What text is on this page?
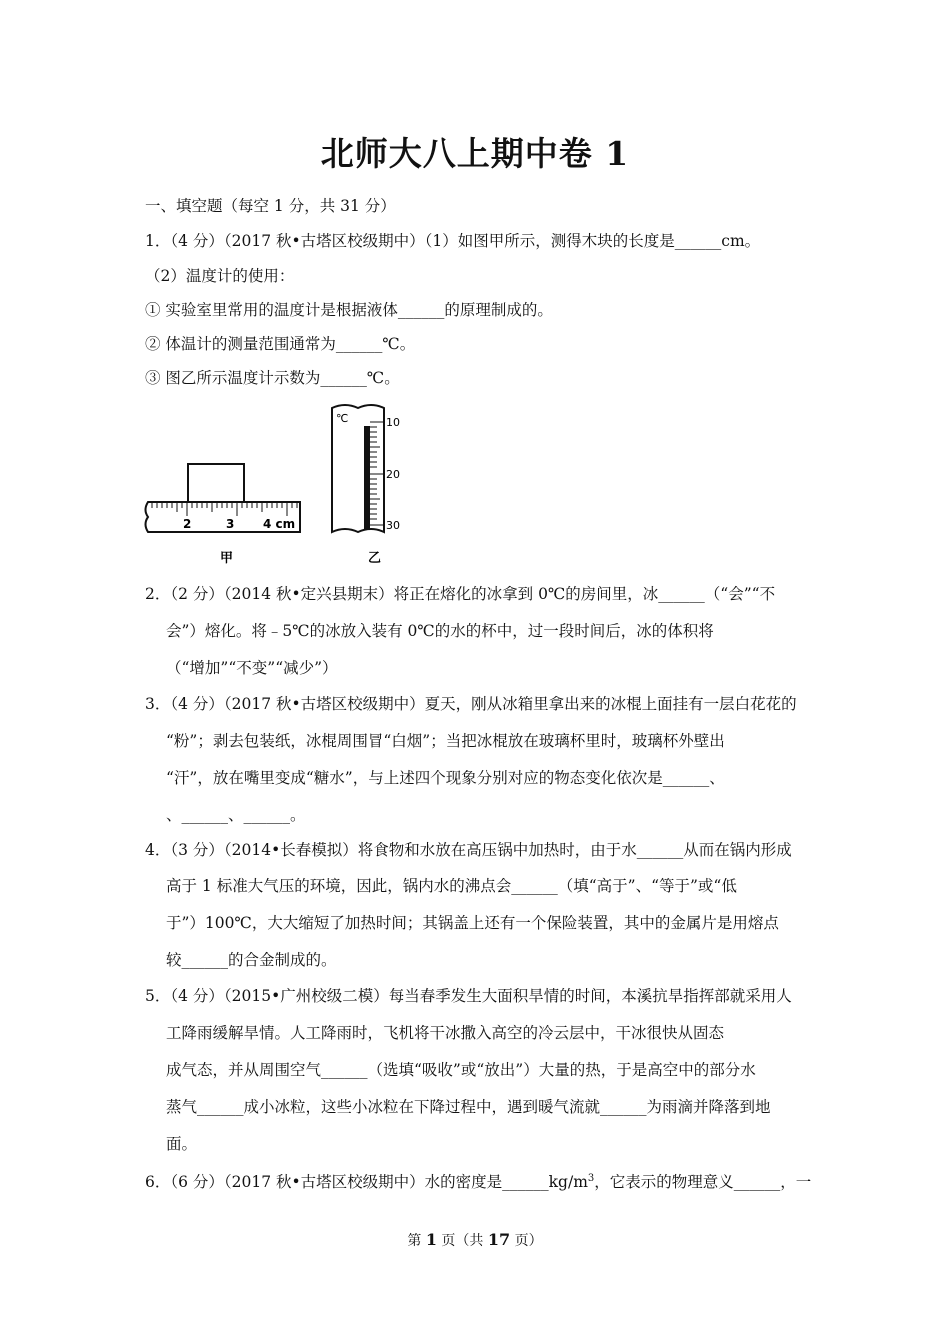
北师大八上期中卷 1
一、填空题（每空 1 分，共 31 分）
1．（4 分）（2017 秋•古塔区校级期中）（1）如图甲所示，测得木块的长度是______cm。
（2）温度计的使用：
① 实验室里常用的温度计是根据液体______的原理制成的。
② 体温计的测量范围通常为______℃。
③ 图乙所示温度计示数为______℃。
2	3 4 cm
甲
℃	10
20
30
乙
2．（2 分）（2014 秋•定兴县期末）将正在熔化的冰拿到 0℃的房间里，冰______（“会”“不
会”）熔化。将﹣5℃的冰放入装有 0℃的水的杯中，过一段时间后，冰的体积将
（“增加”“不变”“减少”）
3．（4 分）（2017 秋•古塔区校级期中）夏天，刚从冰箱里拿出来的冰棍上面挂有一层白花花的
“粉”；剥去包装纸，冰棍周围冒“白烟”；当把冰棍放在玻璃杯里时，玻璃杯外壁出
“汗”，放在嘴里变成“糖水”，与上述四个现象分别对应的物态变化依次是______、
、______、______。
4．（3 分）（2014•长春模拟）将食物和水放在高压锅中加热时，由于水______从而在锅内形成
高于 1 标准大气压的环境，因此，锅内水的沸点会______（填“高于”、“等于”或“低
于”）100℃，大大缩短了加热时间；其锅盖上还有一个保险装置，其中的金属片是用熔点
较______的合金制成的。
5．（4 分）（2015•广州校级二模）每当春季发生大面积旱情的时间，本溪抗旱指挥部就采用人
工降雨缓解旱情。人工降雨时，飞机将干冰撒入高空的冷云层中，干冰很快从固态
成气态，并从周围空气______（选填“吸收”或“放出”）大量的热，于是高空中的部分水
蒸气______成小冰粒，这些小冰粒在下降过程中，遇到暖气流就______为雨滴并降落到地
面。
6．（6 分）（2017 秋•古塔区校级期中）水的密度是$\_\_\_\_\_\_kg/m^3$，它表示的物理意义______，一
第 1 页（共 17 页）
